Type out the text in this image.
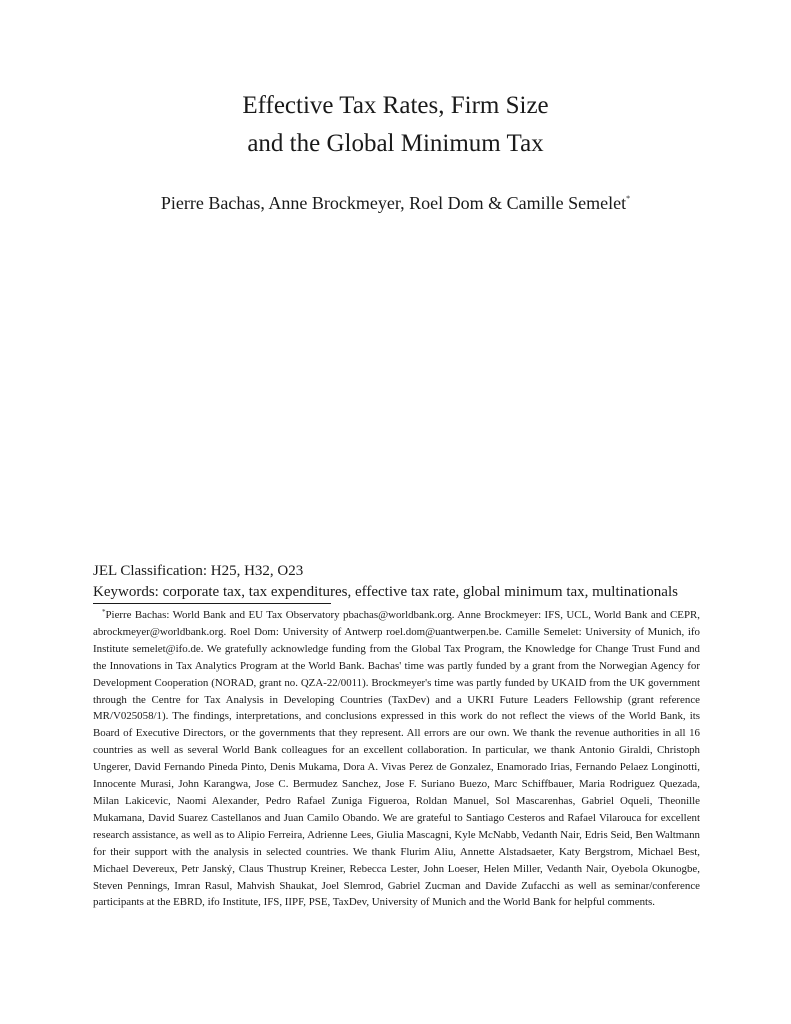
Effective Tax Rates, Firm Size
and the Global Minimum Tax
Pierre Bachas, Anne Brockmeyer, Roel Dom & Camille Semelet*
JEL Classification: H25, H32, O23
Keywords: corporate tax, tax expenditures, effective tax rate, global minimum tax, multinationals
*Pierre Bachas: World Bank and EU Tax Observatory pbachas@worldbank.org. Anne Brockmeyer: IFS, UCL, World Bank and CEPR, abrockmeyer@worldbank.org. Roel Dom: University of Antwerp roel.dom@uantwerpen.be. Camille Semelet: University of Munich, ifo Institute semelet@ifo.de. We gratefully acknowledge funding from the Global Tax Program, the Knowledge for Change Trust Fund and the Innovations in Tax Analytics Program at the World Bank. Bachas' time was partly funded by a grant from the Norwegian Agency for Development Cooperation (NORAD, grant no. QZA-22/0011). Brockmeyer's time was partly funded by UKAID from the UK government through the Centre for Tax Analysis in Developing Countries (TaxDev) and a UKRI Future Leaders Fellowship (grant reference MR/V025058/1). The findings, interpretations, and conclusions expressed in this work do not reflect the views of the World Bank, its Board of Executive Directors, or the governments that they represent. All errors are our own. We thank the revenue authorities in all 16 countries as well as several World Bank colleagues for an excellent collaboration. In particular, we thank Antonio Giraldi, Christoph Ungerer, David Fernando Pineda Pinto, Denis Mukama, Dora A. Vivas Perez de Gonzalez, Enamorado Irias, Fernando Pelaez Longinotti, Innocente Murasi, John Karangwa, Jose C. Bermudez Sanchez, Jose F. Suriano Buezo, Marc Schiffbauer, Maria Rodriguez Quezada, Milan Lakicevic, Naomi Alexander, Pedro Rafael Zuniga Figueroa, Roldan Manuel, Sol Mascarenhas, Gabriel Oqueli, Theonille Mukamana, David Suarez Castellanos and Juan Camilo Obando. We are grateful to Santiago Cesteros and Rafael Vilarouca for excellent research assistance, as well as to Alipio Ferreira, Adrienne Lees, Giulia Mascagni, Kyle McNabb, Vedanth Nair, Edris Seid, Ben Waltmann for their support with the analysis in selected countries. We thank Flurim Aliu, Annette Alstadsaeter, Katy Bergstrom, Michael Best, Michael Devereux, Petr Janský, Claus Thustrup Kreiner, Rebecca Lester, John Loeser, Helen Miller, Vedanth Nair, Oyebola Okunogbe, Steven Pennings, Imran Rasul, Mahvish Shaukat, Joel Slemrod, Gabriel Zucman and Davide Zufacchi as well as seminar/conference participants at the EBRD, ifo Institute, IFS, IIPF, PSE, TaxDev, University of Munich and the World Bank for helpful comments.
